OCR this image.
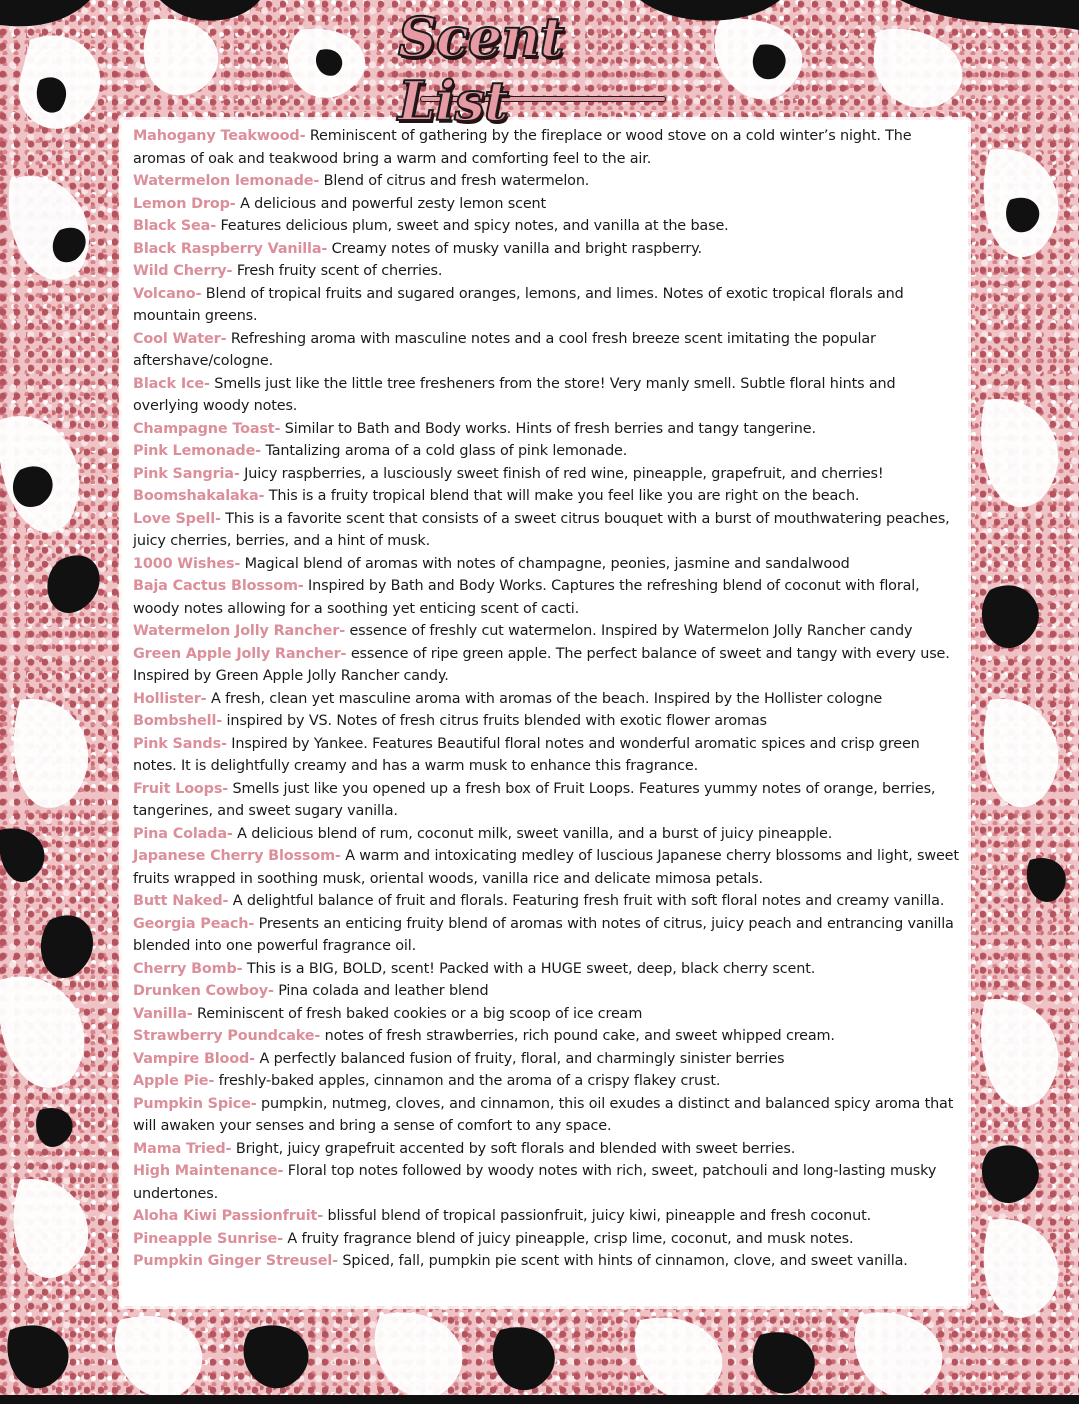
Scent List

Mahogany Teakwood- Reminiscent of gathering by the fireplace or wood stove on a cold winter’s night. The aromas of oak and teakwood bring a warm and comforting feel to the air.

Watermelon lemonade- Blend of citrus and fresh watermelon.

Lemon Drop- A delicious and powerful zesty lemon scent

Black Sea- Features delicious plum, sweet and spicy notes, and vanilla at the base.

Black Raspberry Vanilla- Creamy notes of musky vanilla and bright raspberry.

Wild Cherry- Fresh fruity scent of cherries.

Volcano- Blend of tropical fruits and sugared oranges, lemons, and limes. Notes of exotic tropical florals and mountain greens.

Cool Water- Refreshing aroma with masculine notes and a cool fresh breeze scent imitating the popular aftershave/cologne.

Black Ice- Smells just like the little tree fresheners from the store! Very manly smell. Subtle floral hints and overlying woody notes.

Champagne Toast- Similar to Bath and Body works. Hints of fresh berries and tangy tangerine.

Pink Lemonade- Tantalizing aroma of a cold glass of pink lemonade.

Pink Sangria- Juicy raspberries, a lusciously sweet finish of red wine, pineapple, grapefruit, and cherries!

Boomshakalaka- This is a fruity tropical blend that will make you feel like you are right on the beach.

Love Spell- This is a favorite scent that consists of a sweet citrus bouquet with a burst of mouthwatering peaches, juicy cherries, berries, and a hint of musk.

1000 Wishes- Magical blend of aromas with notes of champagne, peonies, jasmine and sandalwood

Baja Cactus Blossom- Inspired by Bath and Body Works. Captures the refreshing blend of coconut with floral, woody notes allowing for a soothing yet enticing scent of cacti.

Watermelon Jolly Rancher- essence of freshly cut watermelon. Inspired by Watermelon Jolly Rancher candy

Green Apple Jolly Rancher- essence of ripe green apple. The perfect balance of sweet and tangy with every use. Inspired by Green Apple Jolly Rancher candy.

Hollister- A fresh, clean yet masculine aroma with aromas of the beach. Inspired by the Hollister cologne

Bombshell- inspired by VS. Notes of fresh citrus fruits blended with exotic flower aromas

Pink Sands- Inspired by Yankee. Features Beautiful floral notes and wonderful aromatic spices and crisp green notes. It is delightfully creamy and has a warm musk to enhance this fragrance.

Fruit Loops- Smells just like you opened up a fresh box of Fruit Loops. Features yummy notes of orange, berries, tangerines, and sweet sugary vanilla.

Pina Colada- A delicious blend of rum, coconut milk, sweet vanilla, and a burst of juicy pineapple.

Japanese Cherry Blossom- A warm and intoxicating medley of luscious Japanese cherry blossoms and light, sweet fruits wrapped in soothing musk, oriental woods, vanilla rice and delicate mimosa petals.

Butt Naked- A delightful balance of fruit and florals. Featuring fresh fruit with soft floral notes and creamy vanilla.

Georgia Peach- Presents an enticing fruity blend of aromas with notes of citrus, juicy peach and entrancing vanilla blended into one powerful fragrance oil.

Cherry Bomb- This is a BIG, BOLD, scent! Packed with a HUGE sweet, deep, black cherry scent.

Drunken Cowboy- Pina colada and leather blend

Vanilla- Reminiscent of fresh baked cookies or a big scoop of ice cream

Strawberry Poundcake- notes of fresh strawberries, rich pound cake, and sweet whipped cream.

Vampire Blood- A perfectly balanced fusion of fruity, floral, and charmingly sinister berries

Apple Pie- freshly-baked apples, cinnamon and the aroma of a crispy flakey crust.

Pumpkin Spice- pumpkin, nutmeg, cloves, and cinnamon, this oil exudes a distinct and balanced spicy aroma that will awaken your senses and bring a sense of comfort to any space.

Mama Tried- Bright, juicy grapefruit accented by soft florals and blended with sweet berries.

High Maintenance- Floral top notes followed by woody notes with rich, sweet, patchouli and long-lasting musky undertones.

Aloha Kiwi Passionfruit- blissful blend of tropical passionfruit, juicy kiwi, pineapple and fresh coconut.

Pineapple Sunrise- A fruity fragrance blend of juicy pineapple, crisp lime, coconut, and musk notes.

Pumpkin Ginger Streusel- Spiced, fall, pumpkin pie scent with hints of cinnamon, clove, and sweet vanilla.
